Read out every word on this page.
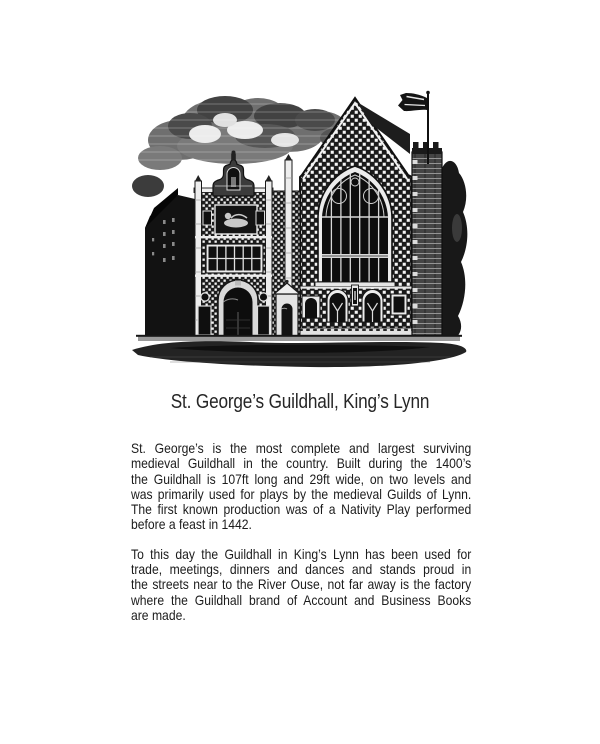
St. George’s Guildhall, King’s Lynn
St. George’s is the most complete and largest surviving
medieval Guildhall in the country. Built during the 1400’s
the Guildhall is 107ft long and 29ft wide, on two levels and
was primarily used for plays by the medieval Guilds of Lynn.
The first known production was of a Nativity Play performed
before a feast in 1442.
To this day the Guildhall in King’s Lynn has been used for
trade, meetings, dinners and dances and stands proud in
the streets near to the River Ouse, not far away is the factory
where the Guildhall brand of Account and Business Books
are made.
